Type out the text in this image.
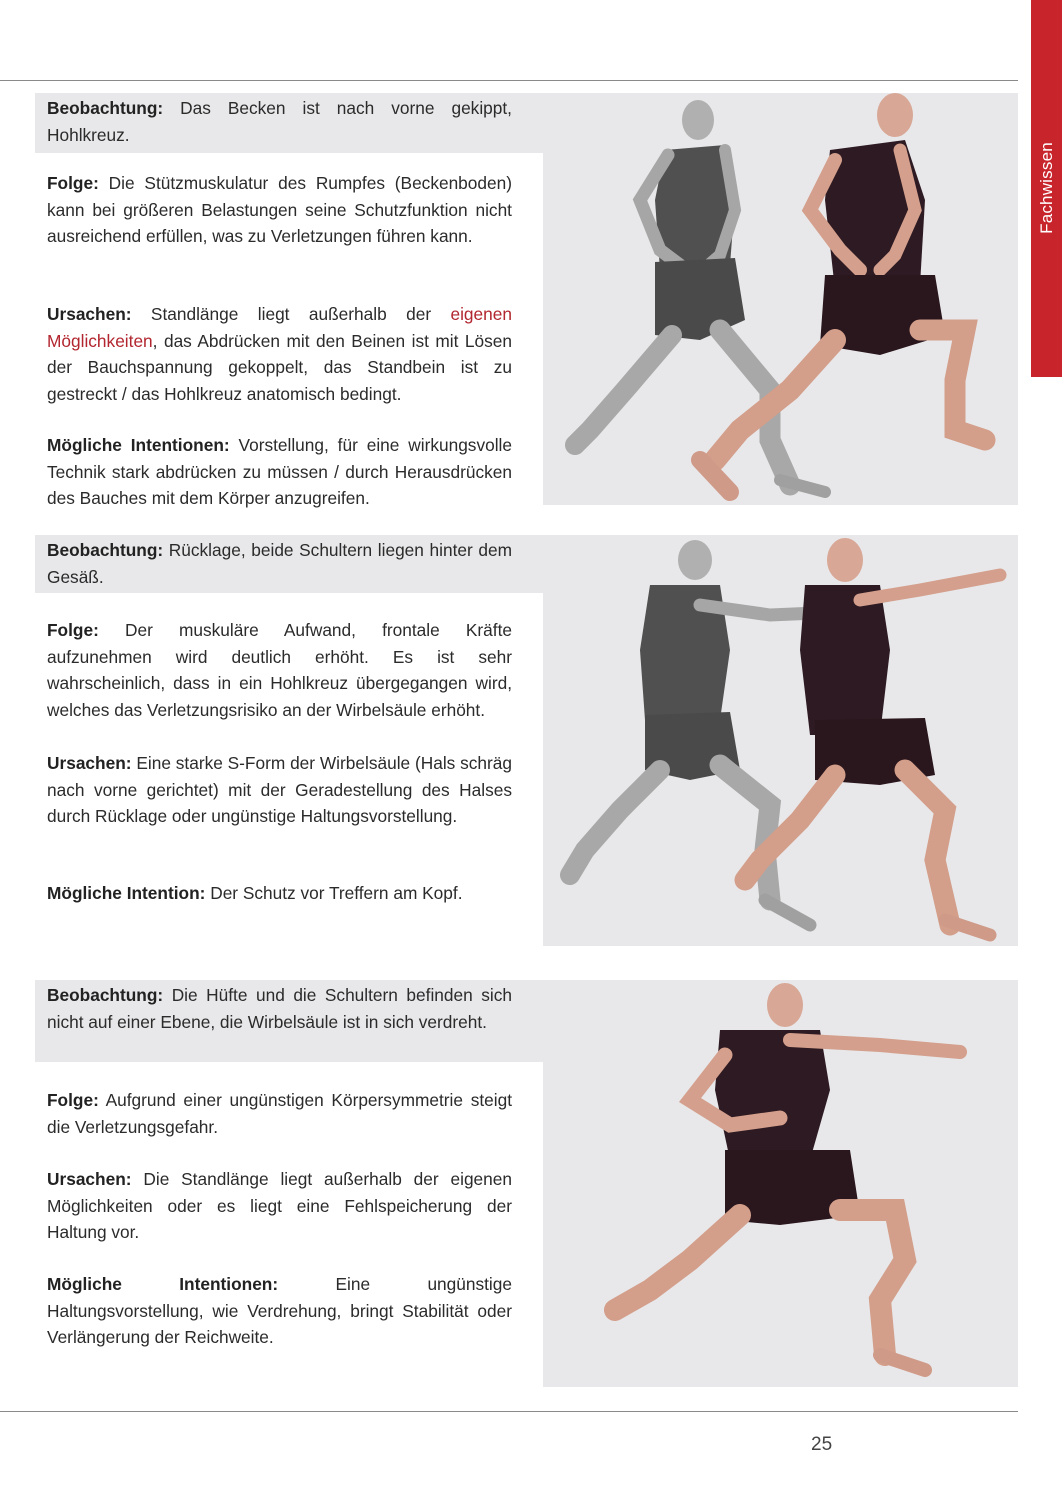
Fachwissen

Beobachtung: Das Becken ist nach vorne gekippt, Hohlkreuz.

Folge: Die Stützmuskulatur des Rumpfes (Beckenboden) kann bei größeren Belastungen seine Schutzfunktion nicht ausreichend erfüllen, was zu Verletzungen führen kann.

Ursachen: Standlänge liegt außerhalb der eigenen Möglichkeiten, das Abdrücken mit den Beinen ist mit Lösen der Bauchspannung gekoppelt, das Standbein ist zu gestreckt / das Hohlkreuz anatomisch bedingt.

Mögliche Intentionen: Vorstellung, für eine wirkungsvolle Technik stark abdrücken zu müssen / durch Herausdrücken des Bauches mit dem Körper anzugreifen.

Beobachtung: Rücklage, beide Schultern liegen hinter dem Gesäß.

Folge: Der muskuläre Aufwand, frontale Kräfte aufzunehmen wird deutlich erhöht. Es ist sehr wahrscheinlich, dass in ein Hohlkreuz übergegangen wird, welches das Verletzungsrisiko an der Wirbelsäule erhöht.

Ursachen: Eine starke S-Form der Wirbelsäule (Hals schräg nach vorne gerichtet) mit der Geradestellung des Halses durch Rücklage oder ungünstige Haltungsvorstellung.

Mögliche Intention: Der Schutz vor Treffern am Kopf.

Beobachtung: Die Hüfte und die Schultern befinden sich nicht auf einer Ebene, die Wirbelsäule ist in sich verdreht.

Folge: Aufgrund einer ungünstigen Körpersymmetrie steigt die Verletzungsgefahr.

Ursachen: Die Standlänge liegt außerhalb der eigenen Möglichkeiten oder es liegt eine Fehlspeicherung der Haltung vor.

Mögliche Intentionen: Eine ungünstige Haltungsvorstellung, wie Verdrehung, bringt Stabilität oder Verlängerung der Reichweite.

25
